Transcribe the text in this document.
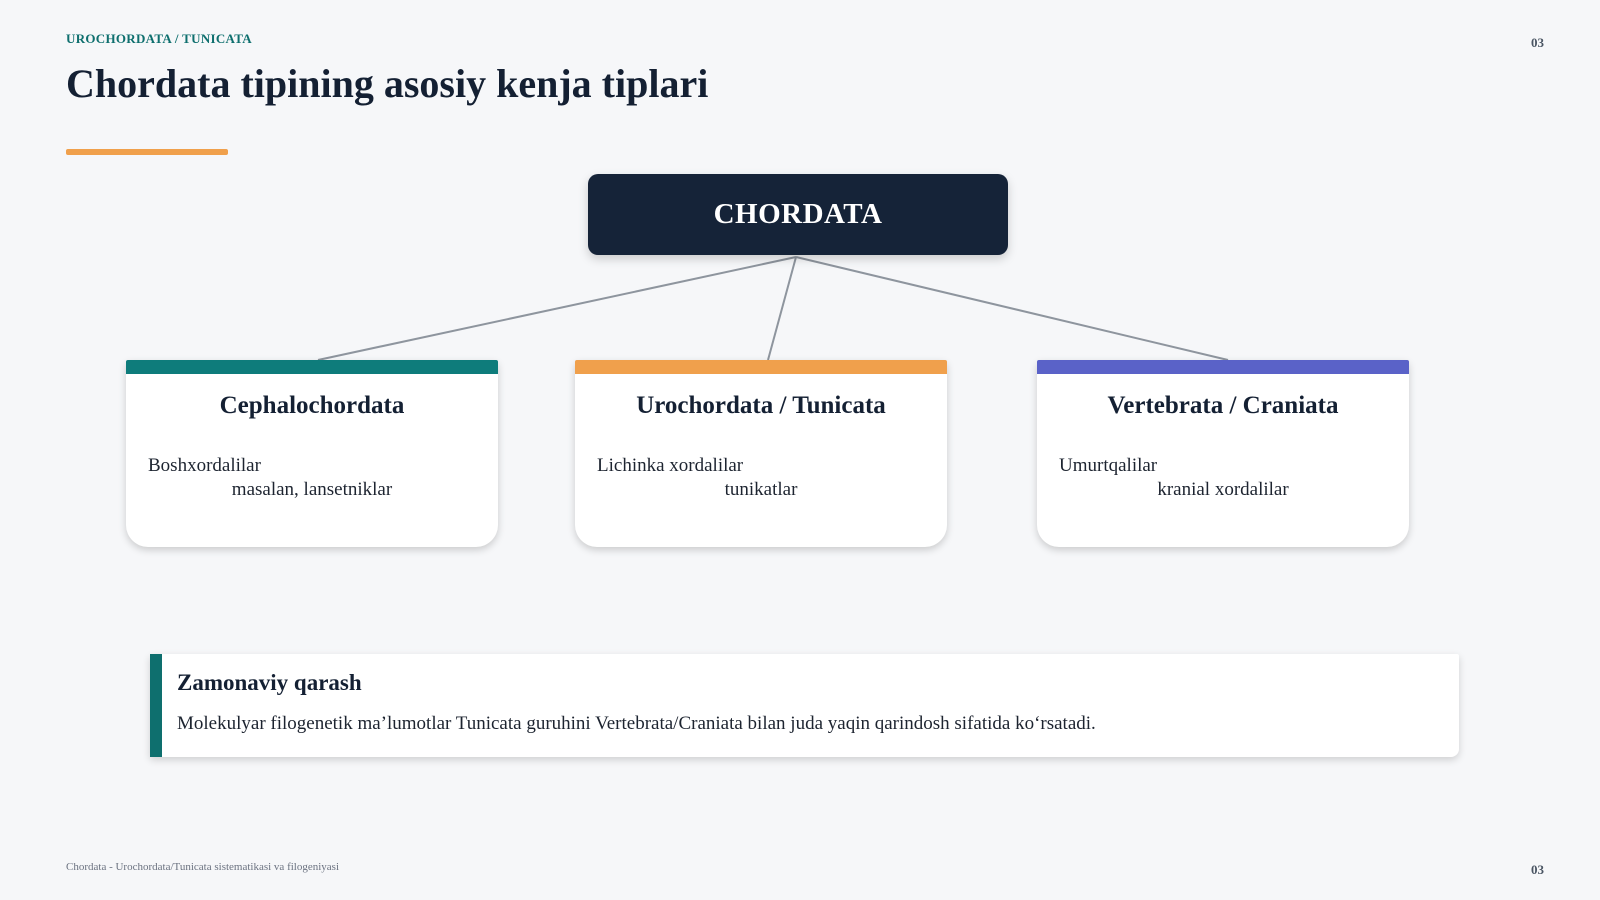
UROCHORDATA / TUNICATA	03
Chordata tipining asosiy kenja tiplari
CHORDATA
Cephalochordata
Boshxordalilar
masalan, lansetniklar
Urochordata / Tunicata
Lichinka xordalilar
tunikatlar
Vertebrata / Craniata
Umurtqalilar
kranial xordalilar
Zamonaviy qarash
Molekulyar filogenetik ma’lumotlar Tunicata guruhini Vertebrata/Craniata bilan juda yaqin qarindosh sifatida ko‘rsatadi.
Chordata - Urochordata/Tunicata sistematikasi va filogeniyasi	03
